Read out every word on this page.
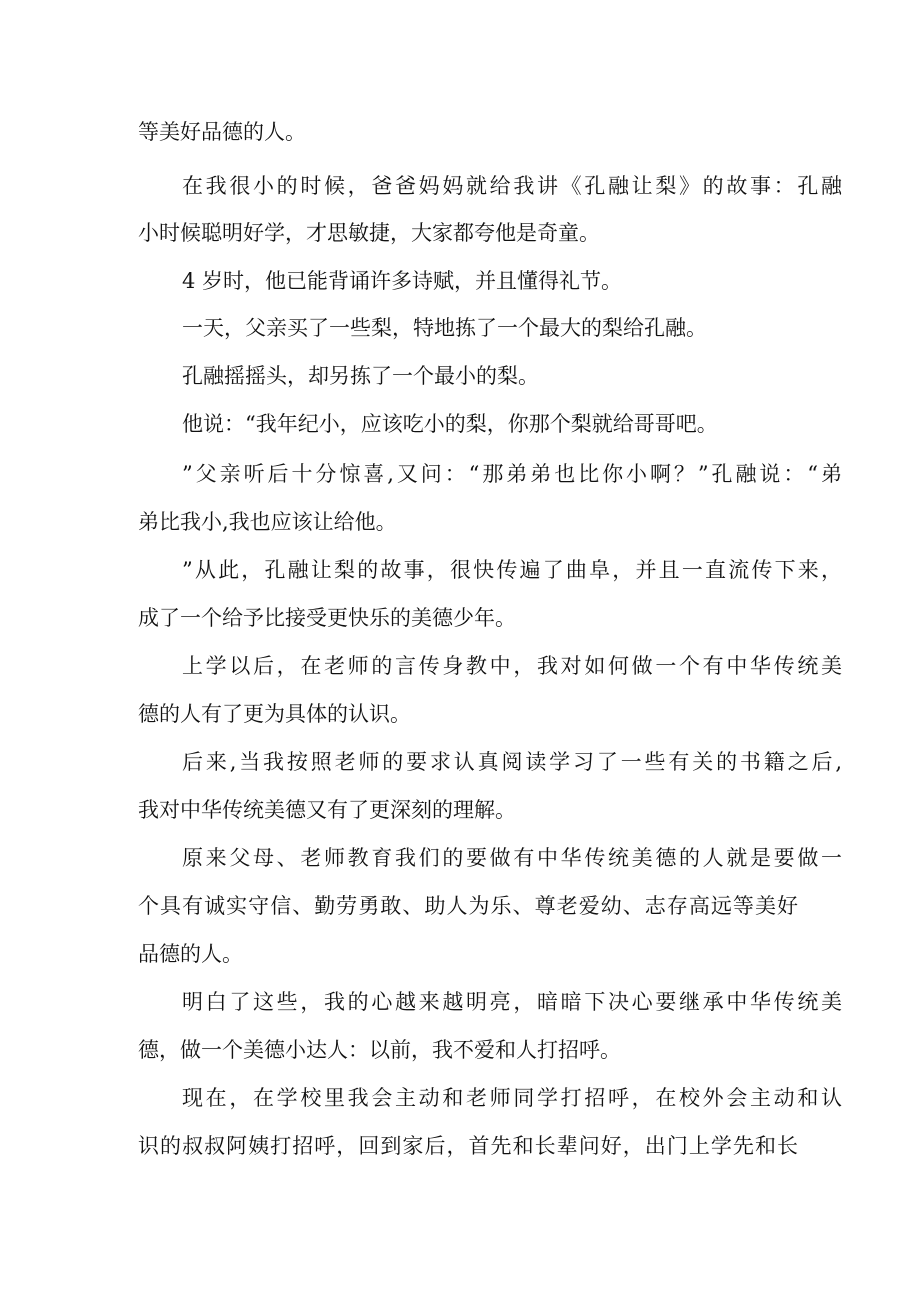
等美好品德的人。
在我很小的时候，爸爸妈妈就给我讲《孔融让梨》的故事：孔融
小时候聪明好学，才思敏捷，大家都夸他是奇童。
4 岁时，他已能背诵许多诗赋，并且懂得礼节。
一天，父亲买了一些梨，特地拣了一个最大的梨给孔融。
孔融摇摇头，却另拣了一个最小的梨。
他说：“我年纪小，应该吃小的梨，你那个梨就给哥哥吧。
”父亲听后十分惊喜,又问：“那弟弟也比你小啊？”孔融说：“弟
弟比我小,我也应该让给他。
”从此，孔融让梨的故事，很快传遍了曲阜，并且一直流传下来，
成了一个给予比接受更快乐的美德少年。
上学以后，在老师的言传身教中，我对如何做一个有中华传统美
德的人有了更为具体的认识。
后来,当我按照老师的要求认真阅读学习了一些有关的书籍之后,
我对中华传统美德又有了更深刻的理解。
原来父母、老师教育我们的要做有中华传统美德的人就是要做一
个具有诚实守信、勤劳勇敢、助人为乐、尊老爱幼、志存高远等美好
品德的人。
明白了这些，我的心越来越明亮，暗暗下决心要继承中华传统美
德，做一个美德小达人：以前，我不爱和人打招呼。
现在，在学校里我会主动和老师同学打招呼，在校外会主动和认
识的叔叔阿姨打招呼，回到家后，首先和长辈问好，出门上学先和长
